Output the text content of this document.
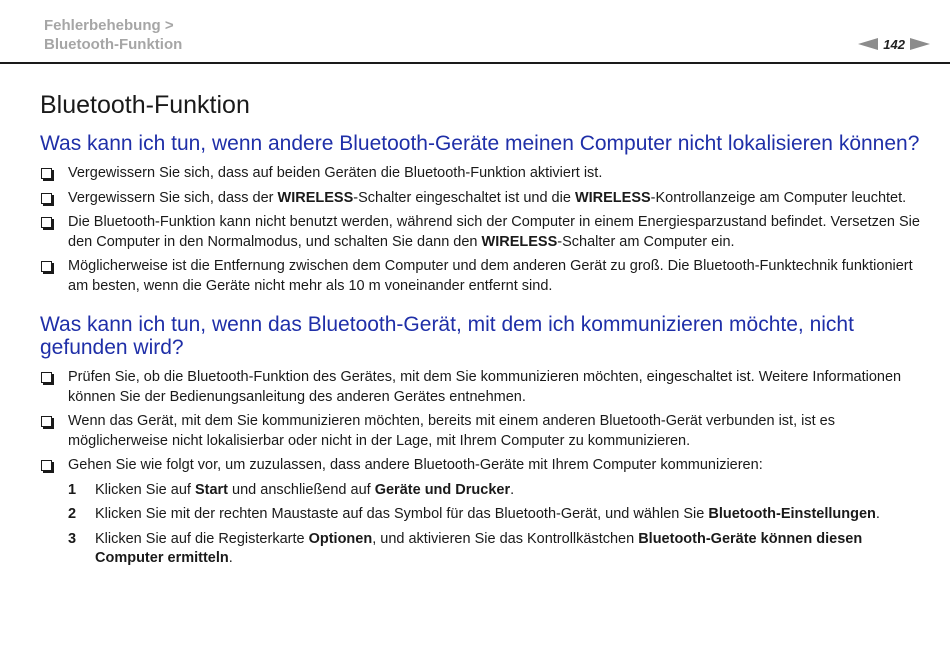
Fehlerbehebung >
Bluetooth-Funktion	142
Bluetooth-Funktion
Was kann ich tun, wenn andere Bluetooth-Geräte meinen Computer nicht lokalisieren können?
Vergewissern Sie sich, dass auf beiden Geräten die Bluetooth-Funktion aktiviert ist.
Vergewissern Sie sich, dass der WIRELESS-Schalter eingeschaltet ist und die WIRELESS-Kontrollanzeige am Computer leuchtet.
Die Bluetooth-Funktion kann nicht benutzt werden, während sich der Computer in einem Energiesparzustand befindet. Versetzen Sie den Computer in den Normalmodus, und schalten Sie dann den WIRELESS-Schalter am Computer ein.
Möglicherweise ist die Entfernung zwischen dem Computer und dem anderen Gerät zu groß. Die Bluetooth-Funktechnik funktioniert am besten, wenn die Geräte nicht mehr als 10 m voneinander entfernt sind.
Was kann ich tun, wenn das Bluetooth-Gerät, mit dem ich kommunizieren möchte, nicht gefunden wird?
Prüfen Sie, ob die Bluetooth-Funktion des Gerätes, mit dem Sie kommunizieren möchten, eingeschaltet ist. Weitere Informationen können Sie der Bedienungsanleitung des anderen Gerätes entnehmen.
Wenn das Gerät, mit dem Sie kommunizieren möchten, bereits mit einem anderen Bluetooth-Gerät verbunden ist, ist es möglicherweise nicht lokalisierbar oder nicht in der Lage, mit Ihrem Computer zu kommunizieren.
Gehen Sie wie folgt vor, um zuzulassen, dass andere Bluetooth-Geräte mit Ihrem Computer kommunizieren:
1 Klicken Sie auf Start und anschließend auf Geräte und Drucker.
2 Klicken Sie mit der rechten Maustaste auf das Symbol für das Bluetooth-Gerät, und wählen Sie Bluetooth-Einstellungen.
3 Klicken Sie auf die Registerkarte Optionen, und aktivieren Sie das Kontrollkästchen Bluetooth-Geräte können diesen Computer ermitteln.
